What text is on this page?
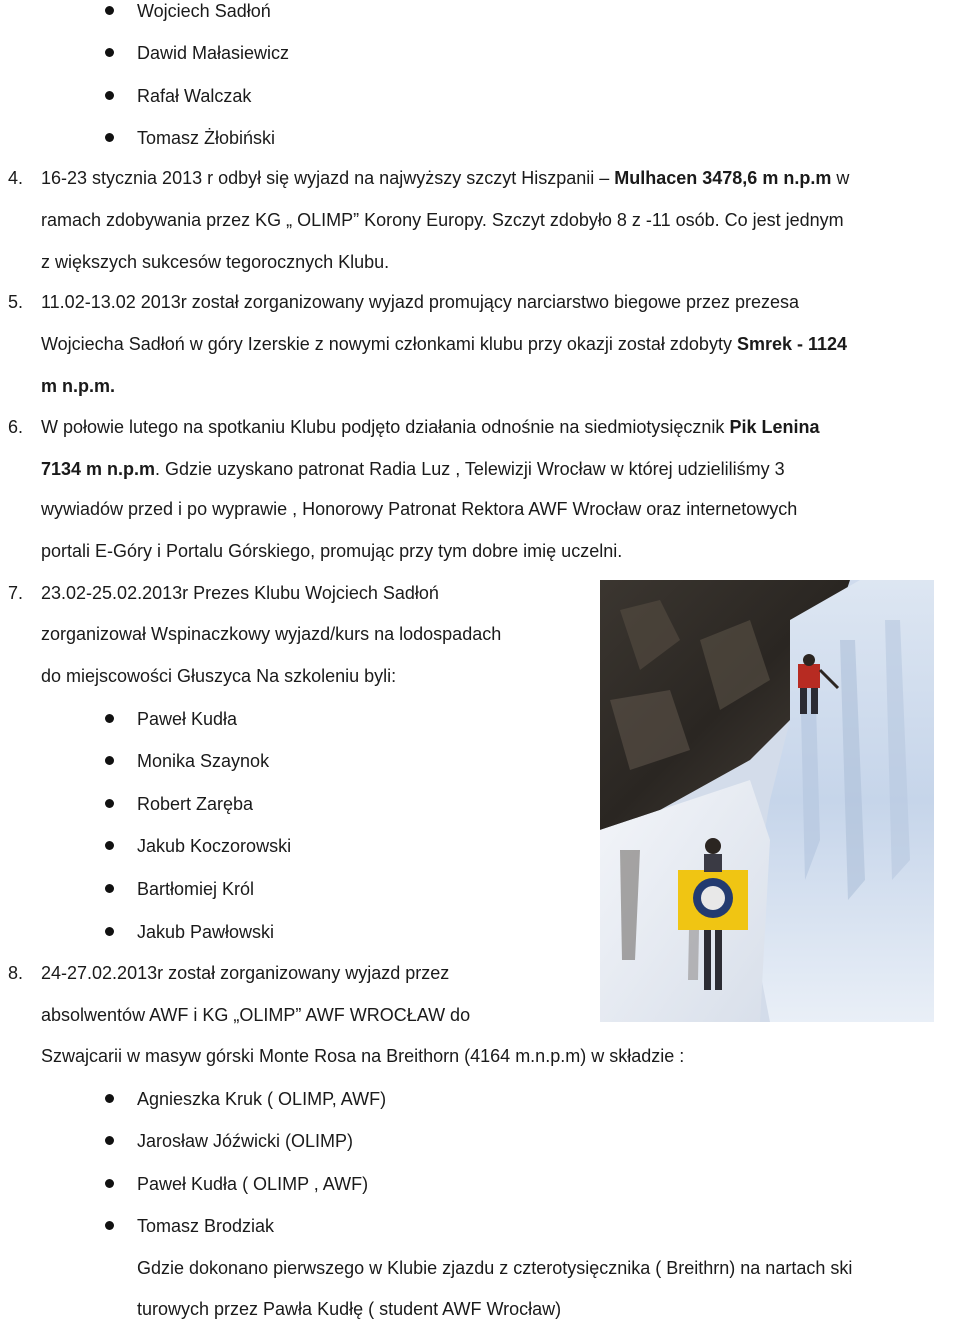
Wojciech Sadłoń
Dawid Małasiewicz
Rafał Walczak
Tomasz Żłobiński
4. 16-23 stycznia 2013 r odbył się wyjazd na najwyższy szczyt Hiszpanii – Mulhacen 3478,6 m n.p.m w
ramach zdobywania przez KG „ OLIMP” Korony Europy. Szczyt zdobyło 8 z -11 osób. Co jest jednym
z większych sukcesów tegorocznych Klubu.
5. 11.02-13.02 2013r został zorganizowany wyjazd promujący narciarstwo biegowe przez prezesa
Wojciecha Sadłoń w góry Izerskie z nowymi członkami klubu przy okazji został zdobyty Smrek - 1124
m n.p.m.
6. W połowie lutego na spotkaniu Klubu podjęto działania odnośnie na siedmiotysięcznik Pik Lenina
7134 m n.p.m. Gdzie uzyskano patronat Radia Luz , Telewizji Wrocław w której udzieliliśmy 3
wywiadów przed i po wyprawie , Honorowy Patronat Rektora AWF Wrocław oraz internetowych
portali E-Góry i Portalu Górskiego, promując przy tym dobre imię uczelni.
7. 23.02-25.02.2013r Prezes Klubu Wojciech Sadłoń
zorganizował Wspinaczkowy wyjazd/kurs na lodospadach
do miejscowości Głuszyca Na szkoleniu byli:
Paweł Kudła
Monika Szaynok
Robert Zaręba
Jakub Koczorowski
Bartłomiej Król
Jakub Pawłowski
8. 24-27.02.2013r został zorganizowany wyjazd przez
absolwentów AWF i KG „OLIMP” AWF WROCŁAW do
Szwajcarii w masyw górski Monte Rosa na Breithorn (4164 m.n.p.m) w składzie :
Agnieszka Kruk ( OLIMP, AWF)
Jarosław Jóźwicki (OLIMP)
Paweł Kudła ( OLIMP , AWF)
Tomasz Brodziak
Gdzie dokonano pierwszego w Klubie zjazdu z czterotysięcznika ( Breithrn) na nartach ski
turowych przez Pawła Kudłę ( student AWF Wrocław)
